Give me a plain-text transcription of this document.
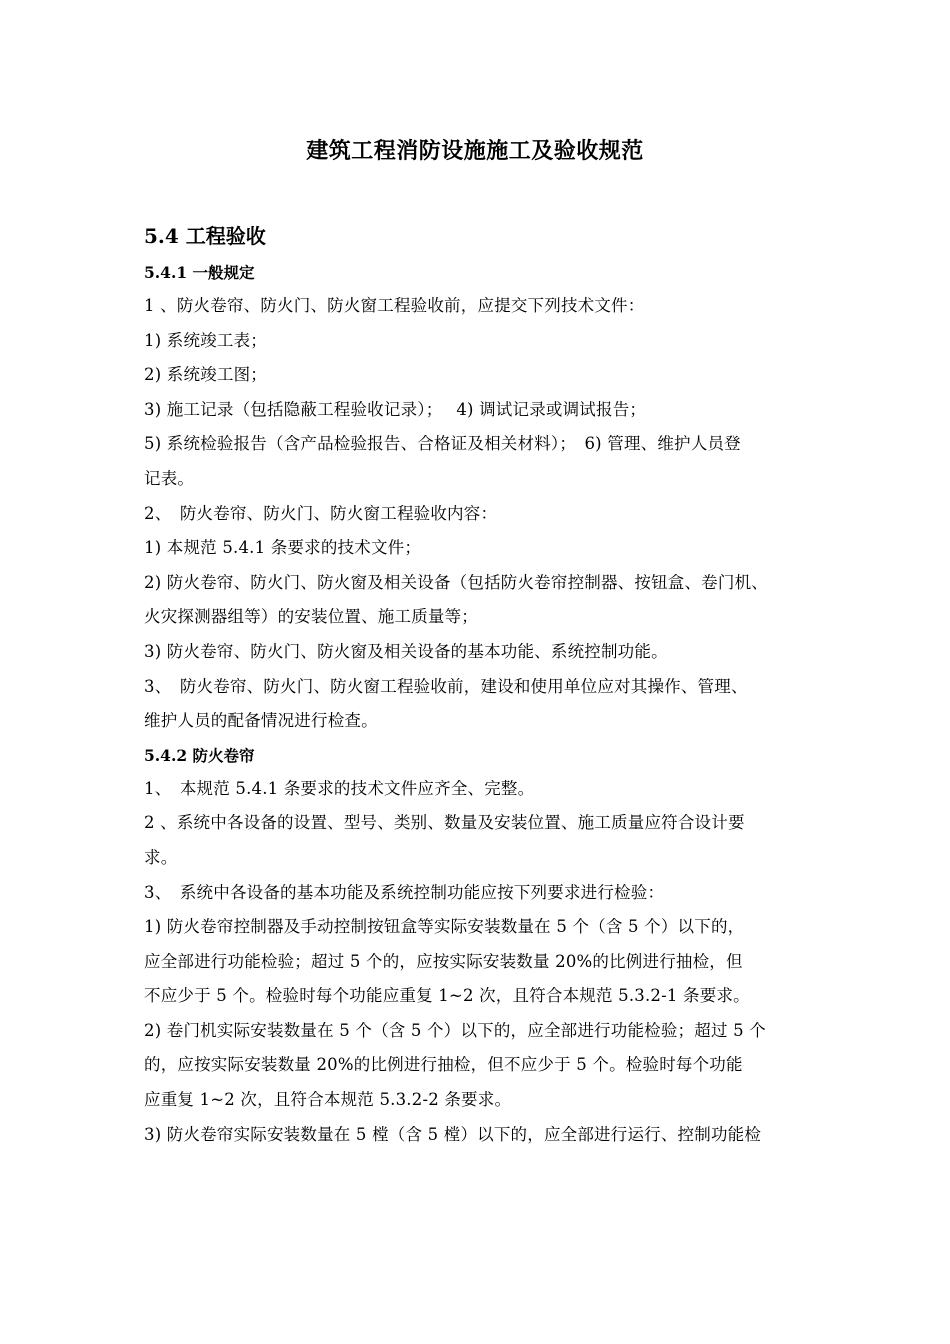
建筑工程消防设施施工及验收规范

5.4 工程验收

5.4.1 一般规定

1 、防火卷帘、防火门、防火窗工程验收前，应提交下列技术文件：

1) 系统竣工表；

2) 系统竣工图；

3) 施工记录（包括隐蔽工程验收记录）；　 4) 调试记录或调试报告；

5) 系统检验报告（含产品检验报告、合格证及相关材料）；　6) 管理、维护人员登

记表。

2、　防火卷帘、防火门、防火窗工程验收内容：

1) 本规范 5.4.1 条要求的技术文件；

2) 防火卷帘、防火门、防火窗及相关设备（包括防火卷帘控制器、按钮盒、卷门机、

火灾探测器组等）的安装位置、施工质量等；

3) 防火卷帘、防火门、防火窗及相关设备的基本功能、系统控制功能。

3、　防火卷帘、防火门、防火窗工程验收前，建设和使用单位应对其操作、管理、

维护人员的配备情况进行检查。

5.4.2 防火卷帘

1、　本规范 5.4.1 条要求的技术文件应齐全、完整。

2 、系统中各设备的设置、型号、类别、数量及安装位置、施工质量应符合设计要

求。

3、　系统中各设备的基本功能及系统控制功能应按下列要求进行检验：

1) 防火卷帘控制器及手动控制按钮盒等实际安装数量在 5 个（含 5 个）以下的，

应全部进行功能检验；超过 5 个的，应按实际安装数量 20%的比例进行抽检，但

不应少于 5 个。检验时每个功能应重复 1~2 次，且符合本规范 5.3.2-1 条要求。

2) 卷门机实际安装数量在 5 个（含 5 个）以下的，应全部进行功能检验；超过 5 个

的，应按实际安装数量 20%的比例进行抽检，但不应少于 5 个。检验时每个功能

应重复 1~2 次，且符合本规范 5.3.2-2 条要求。

3) 防火卷帘实际安装数量在 5 樘（含 5 樘）以下的，应全部进行运行、控制功能检
